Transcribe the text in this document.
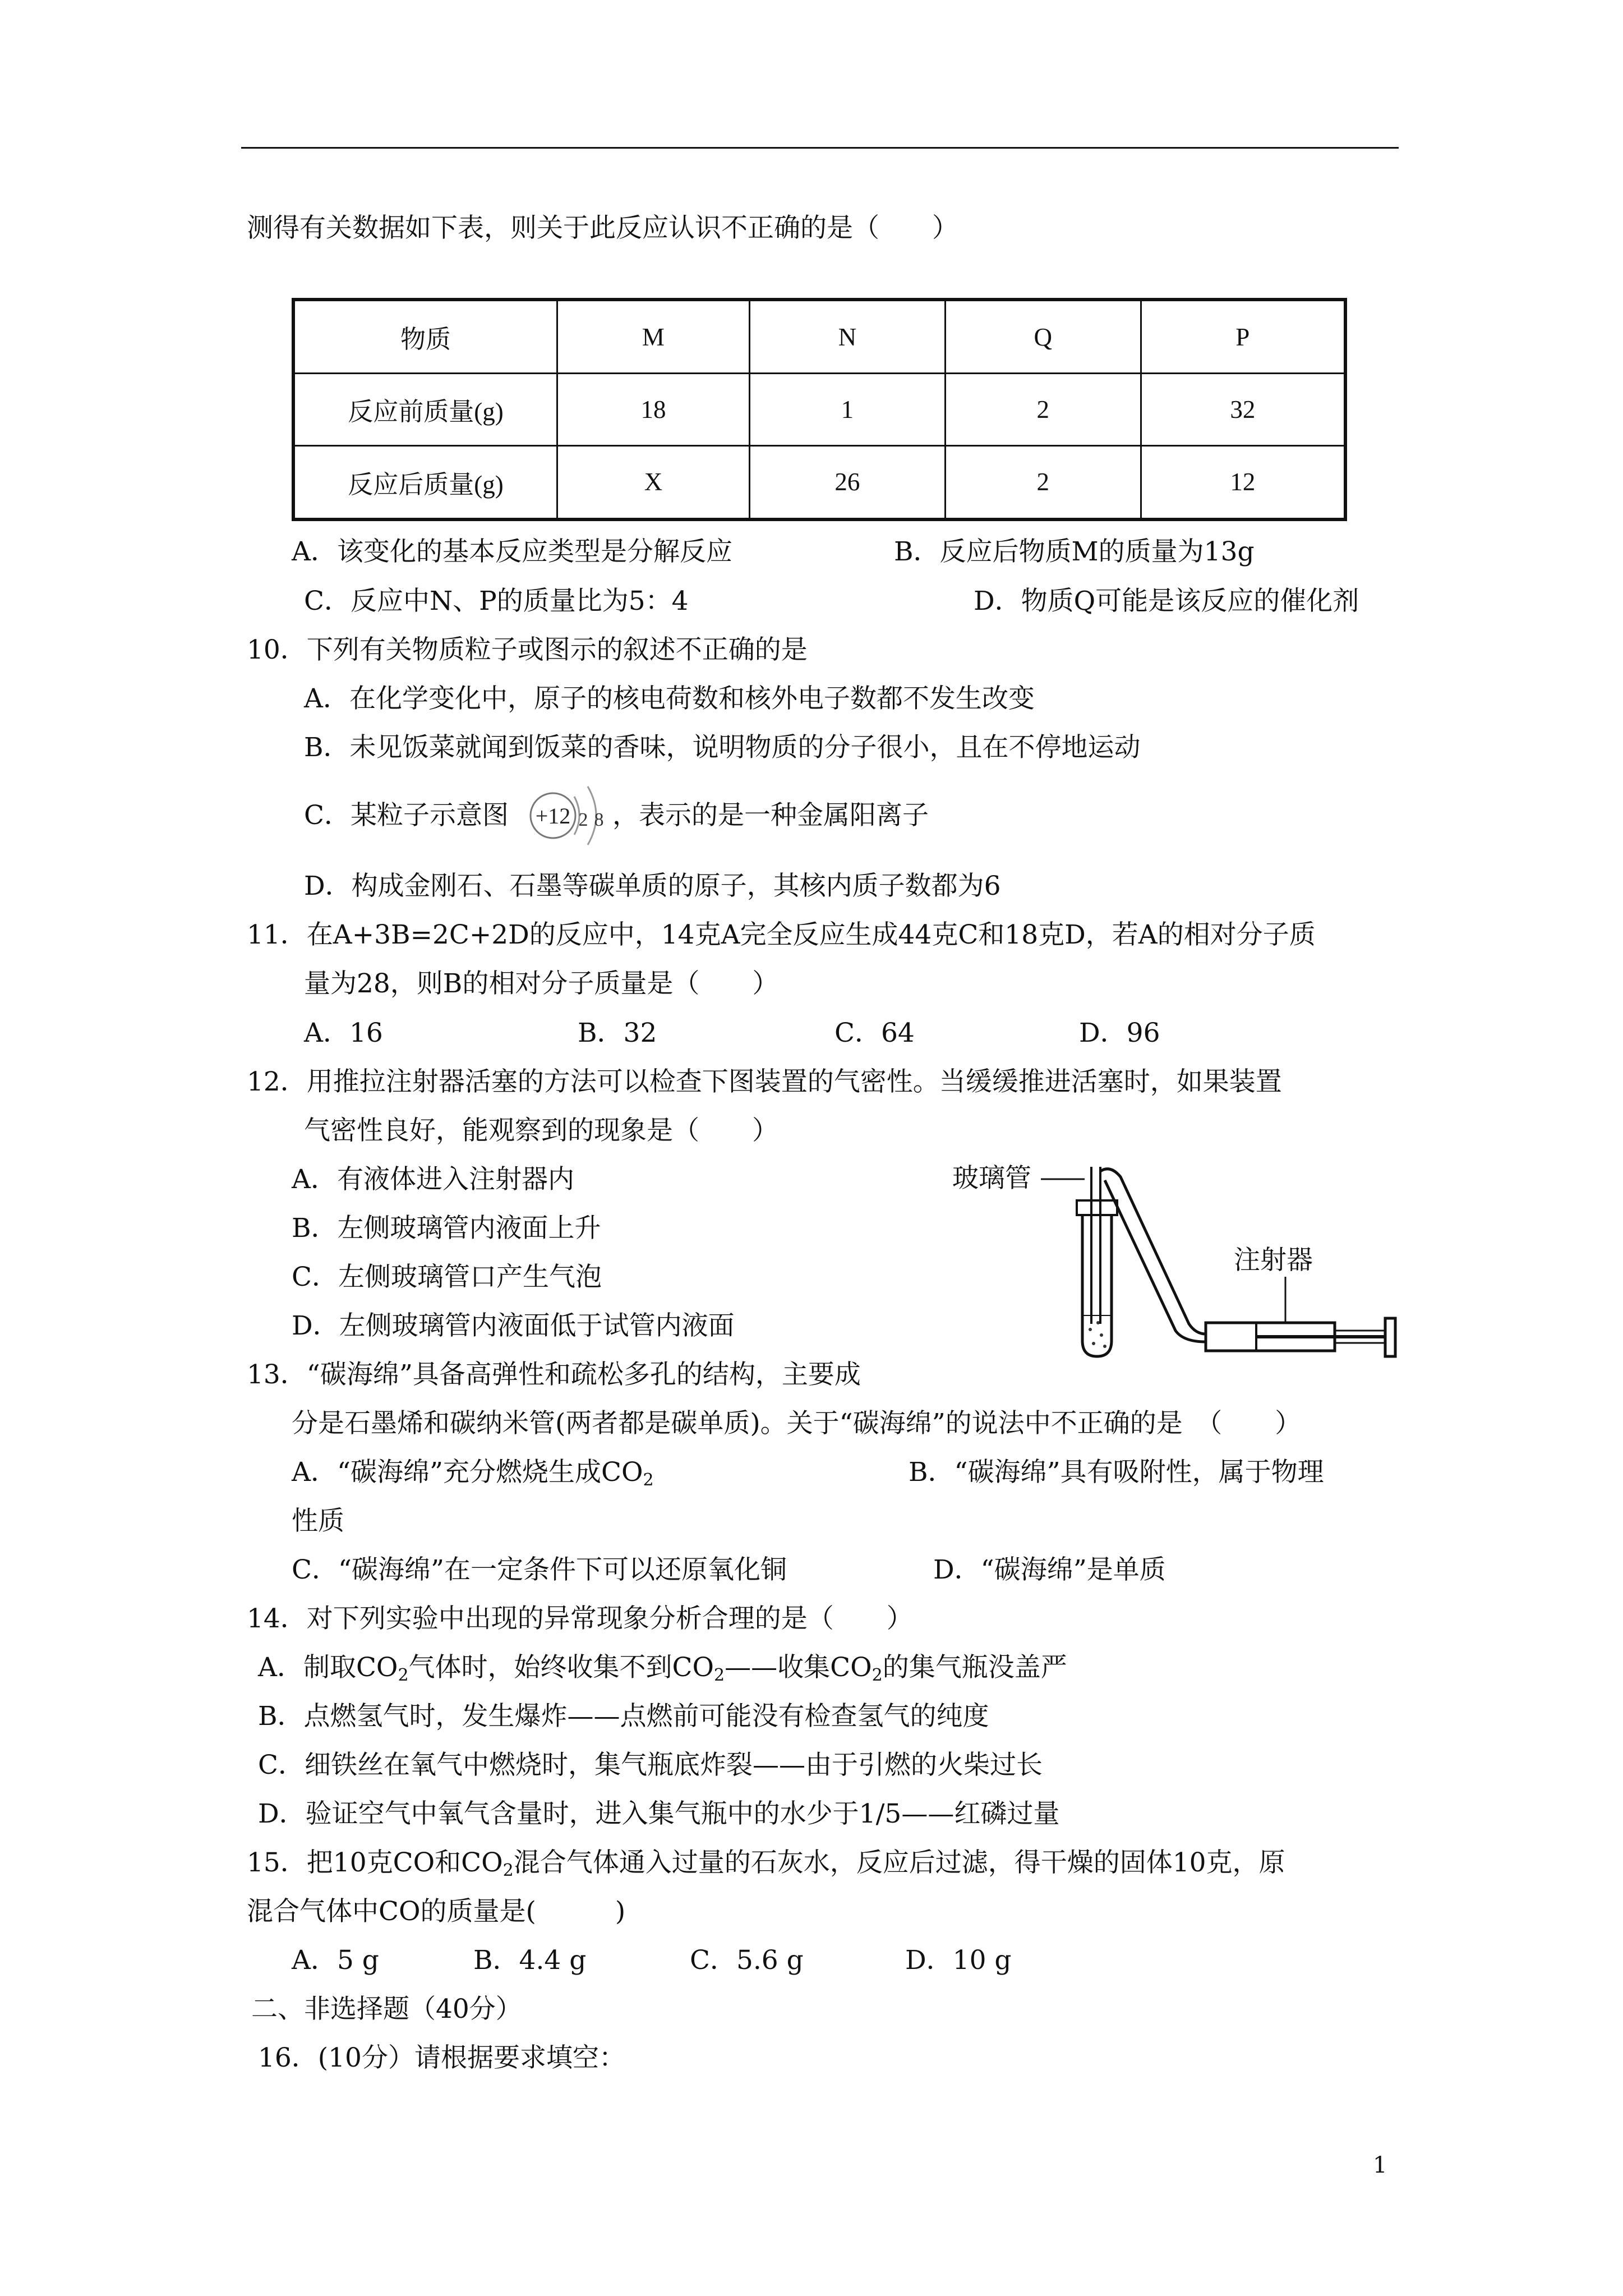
测得有关数据如下表，则关于此反应认识不正确的是（　　）
物质	M	N	Q	P
反应前质量(g)	18	1	2	32
反应后质量(g)	X	26	2	12
A．该变化的基本反应类型是分解反应	B．反应后物质M的质量为13g
C．反应中N、P的质量比为5：4	D．物质Q可能是该反应的催化剂
10．下列有关物质粒子或图示的叙述不正确的是
A．在化学变化中，原子的核电荷数和核外电子数都不发生改变
B．未见饭菜就闻到饭菜的香味，说明物质的分子很小，且在不停地运动
C．某粒子示意图 +12 2 8 ，表示的是一种金属阳离子
D．构成金刚石、石墨等碳单质的原子，其核内质子数都为6
11．在A+3B=2C+2D的反应中，14克A完全反应生成44克C和18克D，若A的相对分子质
量为28，则B的相对分子质量是（　　）
A．16	B．32	C．64	D．96
12．用推拉注射器活塞的方法可以检查下图装置的气密性。当缓缓推进活塞时，如果装置
气密性良好，能观察到的现象是（　　）
A．有液体进入注射器内
B．左侧玻璃管内液面上升
C．左侧玻璃管口产生气泡
D．左侧玻璃管内液面低于试管内液面
玻璃管
注射器
13．“碳海绵”具备高弹性和疏松多孔的结构，主要成
分是石墨烯和碳纳米管(两者都是碳单质)。关于“碳海绵”的说法中不正确的是　（　　）
A．“碳海绵”充分燃烧生成$CO_2$	B．“碳海绵”具有吸附性，属于物理
性质
C．“碳海绵”在一定条件下可以还原氧化铜	D．“碳海绵”是单质
14．对下列实验中出现的异常现象分析合理的是（　　）
A．制取$CO_2$气体时，始终收集不到$CO_2——$收集$CO_2$的集气瓶没盖严
B．点燃氢气时，发生爆炸——点燃前可能没有检查氢气的纯度
C．细铁丝在氧气中燃烧时，集气瓶底炸裂——由于引燃的火柴过长
D．验证空气中氧气含量时，进入集气瓶中的水少于1/5——红磷过量
15．把10克CO和$CO_2$混合气体通入过量的石灰水，反应后过滤，得干燥的固体10克，原
混合气体中CO的质量是(　　　)
A．5 g	B．4.4 g	C．5.6 g	D．10 g
二、非选择题（40分）
16．(10分）请根据要求填空：
1
